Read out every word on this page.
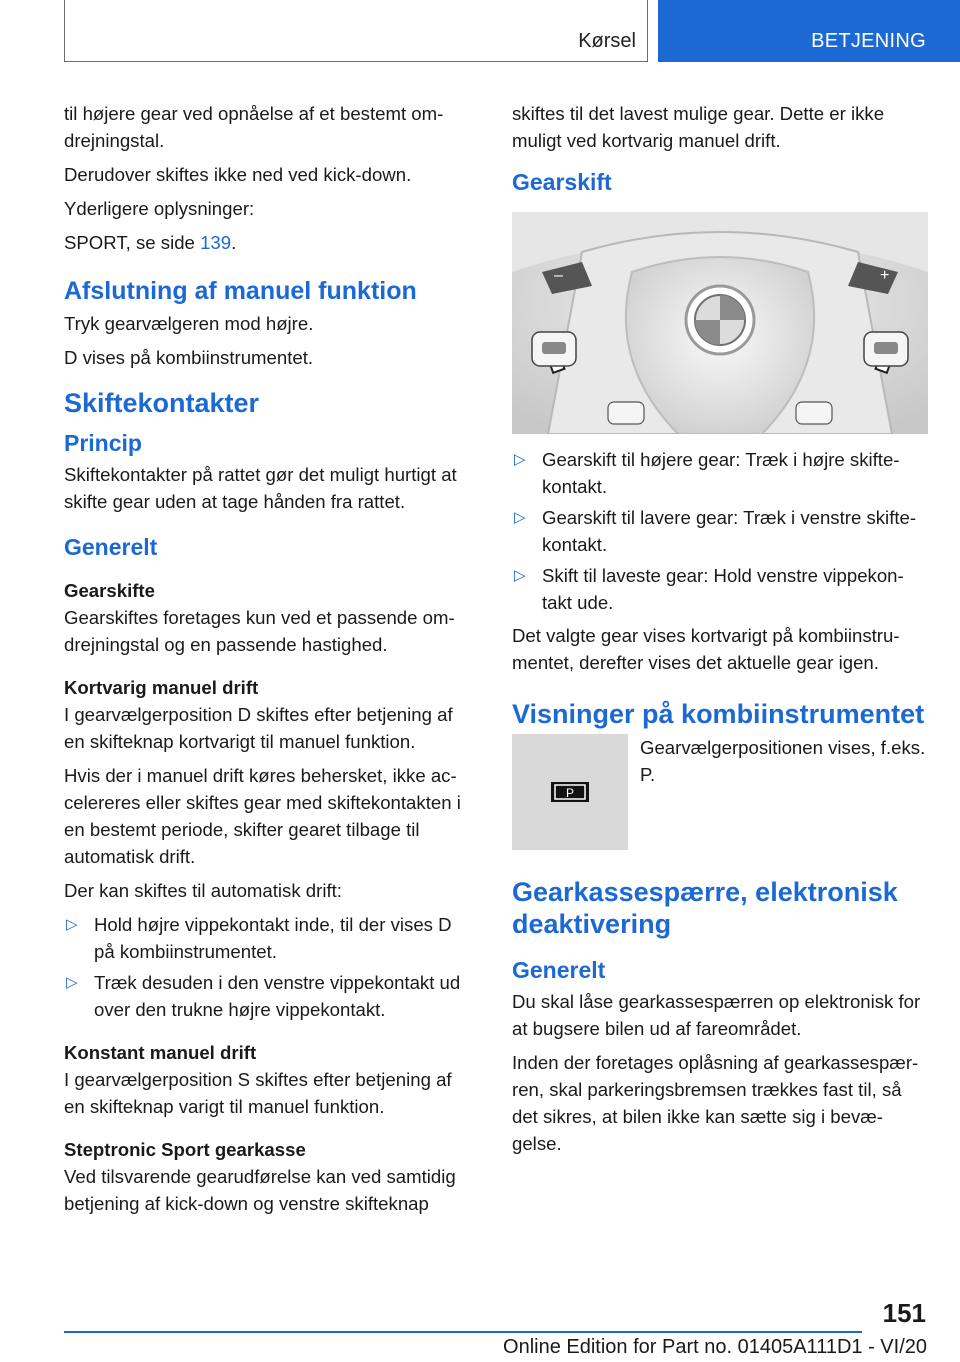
Kørsel	BETJENING

til højere gear ved opnåelse af et bestemt om-drejningstal.

Derudover skiftes ikke ned ved kick-down.

Yderligere oplysninger:

SPORT, se side 139.

Afslutning af manuel funktion

Tryk gearvælgeren mod højre.

D vises på kombiinstrumentet.

Skiftekontakter
Princip

Skiftekontakter på rattet gør det muligt hurtigt at skifte gear uden at tage hånden fra rattet.

Generelt
Gearskifte

Gearskiftes foretages kun ved et passende om-drejningstal og en passende hastighed.

Kortvarig manuel drift

I gearvælgerposition D skiftes efter betjening af en skifteknap kortvarigt til manuel funktion.

Hvis der i manuel drift køres behersket, ikke ac-celereres eller skiftes gear med skiftekontakten i en bestemt periode, skifter gearet tilbage til automatisk drift.

Der kan skiftes til automatisk drift:

▷ Hold højre vippekontakt inde, til der vises D på kombiinstrumentet.
▷ Træk desuden i den venstre vippekontakt ud over den trukne højre vippekontakt.
Konstant manuel drift

I gearvælgerposition S skiftes efter betjening af en skifteknap varigt til manuel funktion.

Steptronic Sport gearkasse

Ved tilsvarende gearudførelse kan ved samtidig betjening af kick-down og venstre skifteknap

skiftes til det lavest mulige gear. Dette er ikke muligt ved kortvarig manuel drift.

Gearskift
–	+
▷ Gearskift til højere gear: Træk i højre skifte-kontakt.
▷ Gearskift til lavere gear: Træk i venstre skifte-kontakt.
▷ Skift til laveste gear: Hold venstre vippekon-takt ude.

Det valgte gear vises kortvarigt på kombiinstru-mentet, derefter vises det aktuelle gear igen.

Visninger på kombiinstrumentet
P

Gearvælgerpositionen vises, f.eks. P.

Gearkassespærre, elektronisk deaktivering
Generelt

Du skal låse gearkassespærren op elektronisk for at bugsere bilen ud af fareområdet.

Inden der foretages oplåsning af gearkassespær-ren, skal parkeringsbremsen trækkes fast til, så det sikres, at bilen ikke kan sætte sig i bevæ-gelse.

151
Online Edition for Part no. 01405A111D1 - VI/20
